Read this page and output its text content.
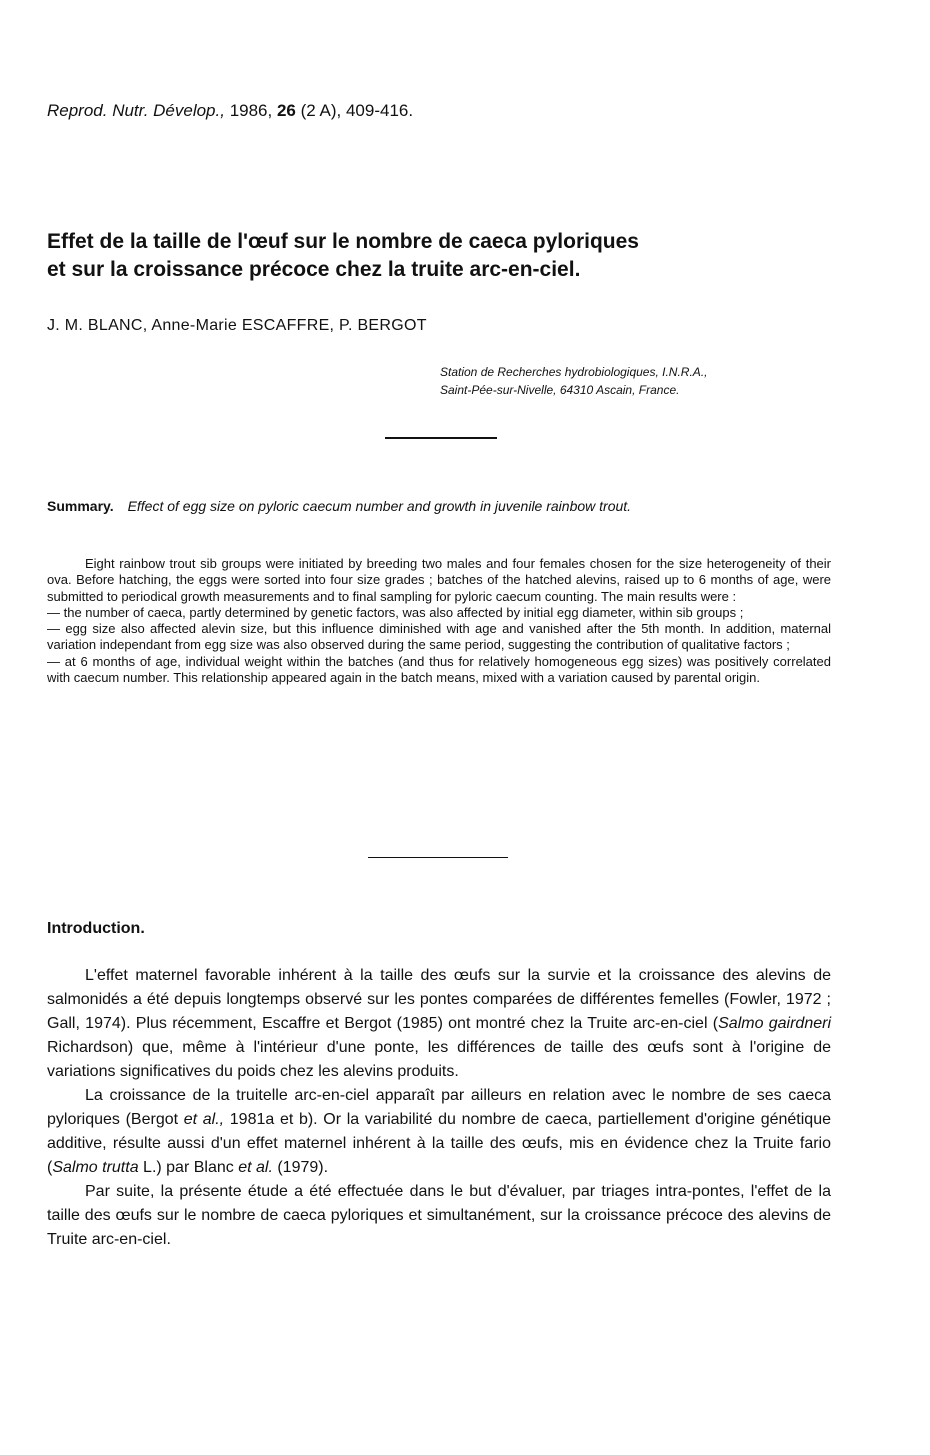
Reprod. Nutr. Dévelop., 1986, 26 (2 A), 409-416.
Effet de la taille de l'œuf sur le nombre de caeca pyloriques
et sur la croissance précoce chez la truite arc-en-ciel.
J. M. BLANC, Anne-Marie ESCAFFRE, P. BERGOT
Station de Recherches hydrobiologiques, I.N.R.A.,
Saint-Pée-sur-Nivelle, 64310 Ascain, France.
Summary. Effect of egg size on pyloric caecum number and growth in juvenile rainbow trout.

Eight rainbow trout sib groups were initiated by breeding two males and four females chosen for the size heterogeneity of their ova. Before hatching, the eggs were sorted into four size grades ; batches of the hatched alevins, raised up to 6 months of age, were submitted to periodical growth measurements and to final sampling for pyloric caecum counting. The main results were :

— the number of caeca, partly determined by genetic factors, was also affected by initial egg diameter, within sib groups ;

— egg size also affected alevin size, but this influence diminished with age and vanished after the 5th month. In addition, maternal variation independant from egg size was also observed during the same period, suggesting the contribution of qualitative factors ;

— at 6 months of age, individual weight within the batches (and thus for relatively homogeneous egg sizes) was positively correlated with caecum number. This relationship appeared again in the batch means, mixed with a variation caused by parental origin.

Introduction.

L'effet maternel favorable inhérent à la taille des œufs sur la survie et la croissance des alevins de salmonidés a été depuis longtemps observé sur les pontes comparées de différentes femelles (Fowler, 1972 ; Gall, 1974). Plus récemment, Escaffre et Bergot (1985) ont montré chez la Truite arc-en-ciel (Salmo gairdneri Richardson) que, même à l'intérieur d'une ponte, les différences de taille des œufs sont à l'origine de variations significatives du poids chez les alevins produits.

La croissance de la truitelle arc-en-ciel apparaît par ailleurs en relation avec le nombre de ses caeca pyloriques (Bergot et al., 1981a et b). Or la variabilité du nombre de caeca, partiellement d'origine génétique additive, résulte aussi d'un effet maternel inhérent à la taille des œufs, mis en évidence chez la Truite fario (Salmo trutta L.) par Blanc et al. (1979).

Par suite, la présente étude a été effectuée dans le but d'évaluer, par triages intra-pontes, l'effet de la taille des œufs sur le nombre de caeca pyloriques et simultanément, sur la croissance précoce des alevins de Truite arc-en-ciel.
